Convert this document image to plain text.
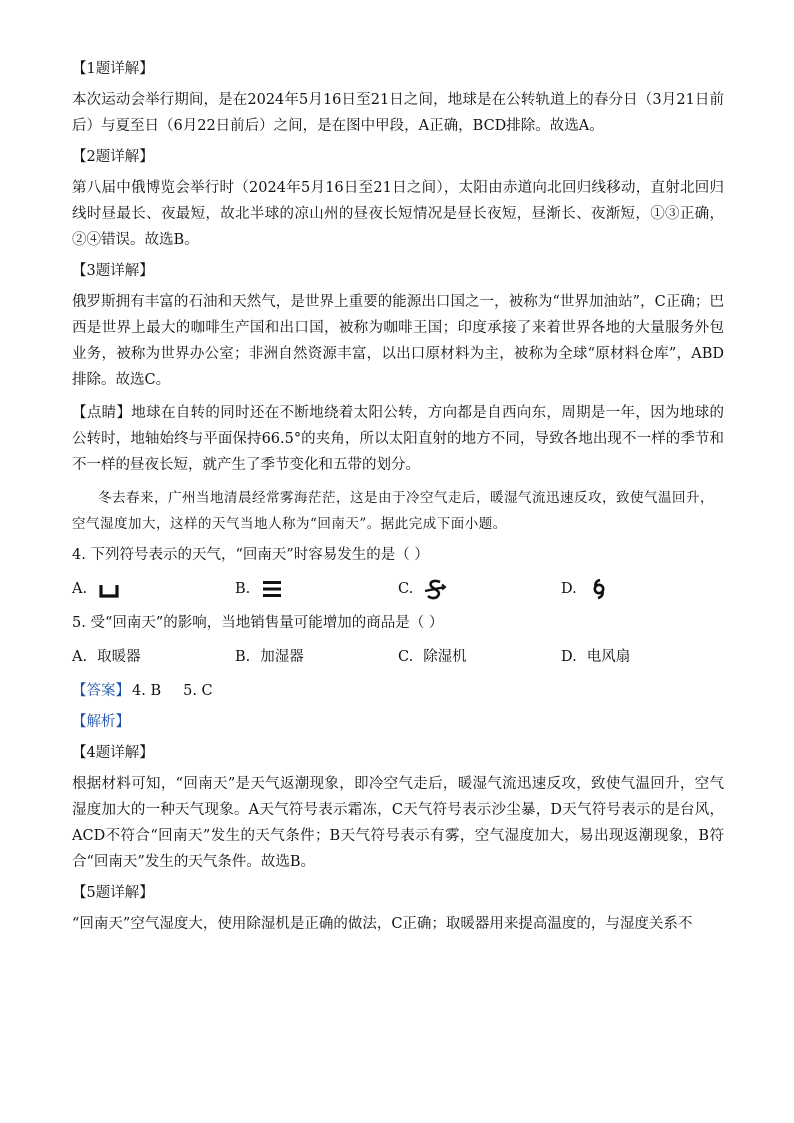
【1题详解】

本次运动会举行期间，是在2024年5月16日至21日之间，地球是在公转轨道上的春分日（3月21日前后）与夏至日（6月22日前后）之间，是在图中甲段，A正确，BCD排除。故选A。

【2题详解】

第八届中俄博览会举行时（2024年5月16日至21日之间），太阳由赤道向北回归线移动，直射北回归线时昼最长、夜最短，故北半球的凉山州的昼夜长短情况是昼长夜短，昼渐长、夜渐短，①③正确，②④错误。故选B。

【3题详解】

俄罗斯拥有丰富的石油和天然气，是世界上重要的能源出口国之一，被称为“世界加油站”，C正确；巴西是世界上最大的咖啡生产国和出口国，被称为咖啡王国；印度承接了来着世界各地的大量服务外包业务，被称为世界办公室；非洲自然资源丰富，以出口原材料为主，被称为全球“原材料仓库”，ABD排除。故选C。

【点睛】地球在自转的同时还在不断地绕着太阳公转，方向都是自西向东，周期是一年，因为地球的公转时，地轴始终与平面保持66.5°的夹角，所以太阳直射的地方不同，导致各地出现不一样的季节和不一样的昼夜长短，就产生了季节变化和五带的划分。

冬去春来，广州当地清晨经常雾海茫茫，这是由于冷空气走后，暖湿气流迅速反攻，致使气温回升，空气湿度加大，这样的天气当地人称为“回南天”。据此完成下面小题。

4. 下列符号表示的天气，“回南天”时容易发生的是（ ）
A.	B.	C.	D.
5. 受“回南天”的影响，当地销售量可能增加的商品是（ ）
A. 取暖器	B. 加湿器	C. 除湿机	D. 电风扇
【答案】 4. B 5. C
【解析】
【4题详解】

根据材料可知，“回南天”是天气返潮现象，即冷空气走后，暖湿气流迅速反攻，致使气温回升，空气湿度加大的一种天气现象。A天气符号表示霜冻，C天气符号表示沙尘暴，D天气符号表示的是台风，ACD不符合“回南天”发生的天气条件；B天气符号表示有雾，空气湿度加大，易出现返潮现象，B符合“回南天”发生的天气条件。故选B。

【5题详解】

“回南天”空气湿度大，使用除湿机是正确的做法，C正确；取暖器用来提高温度的，与湿度关系不
